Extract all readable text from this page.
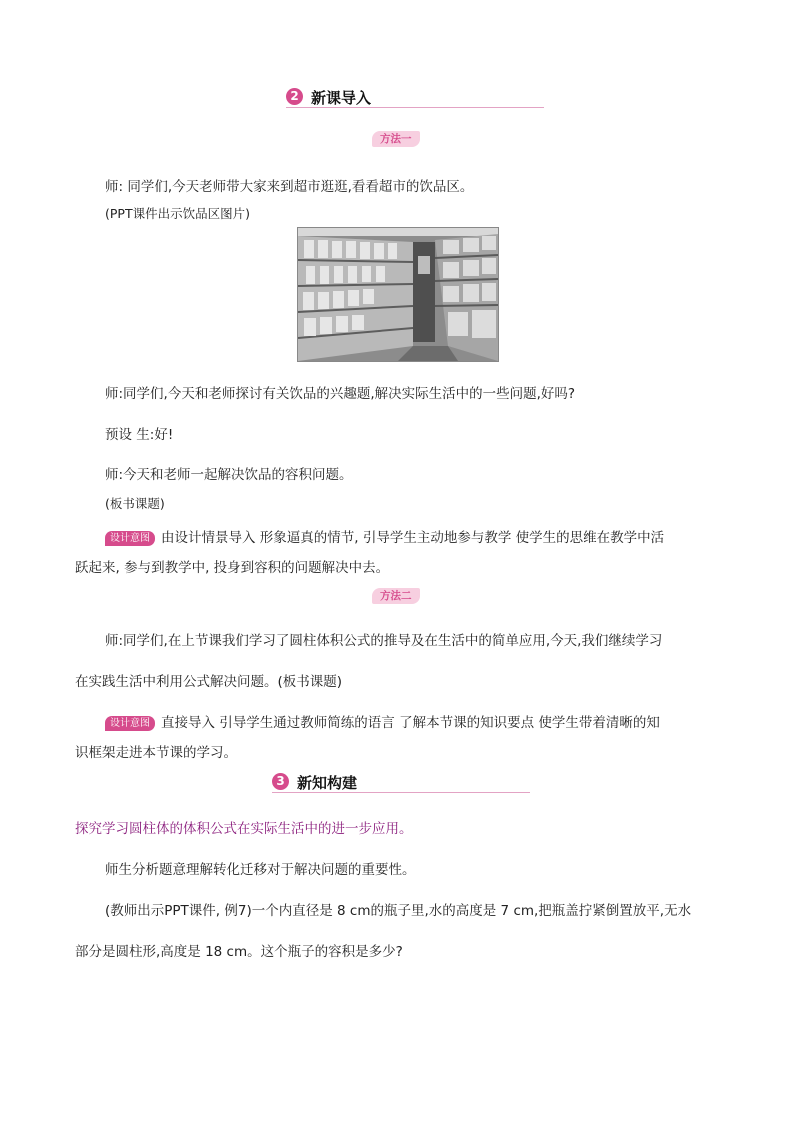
2 新课导入
方法一
师: 同学们,今天老师带大家来到超市逛逛,看看超市的饮品区。
(PPT课件出示饮品区图片)
师:同学们,今天和老师探讨有关饮品的兴趣题,解决实际生活中的一些问题,好吗?
预设 生:好!
师:今天和老师一起解决饮品的容积问题。
(板书课题)
设计意图 由设计情景导入 形象逼真的情节, 引导学生主动地参与教学 使学生的思维在教学中活
跃起来, 参与到教学中, 投身到容积的问题解决中去。
方法二
师:同学们,在上节课我们学习了圆柱体积公式的推导及在生活中的简单应用,今天,我们继续学习
在实践生活中利用公式解决问题。(板书课题)
设计意图 直接导入 引导学生通过教师简练的语言 了解本节课的知识要点 使学生带着清晰的知
识框架走进本节课的学习。
3 新知构建
探究学习圆柱体的体积公式在实际生活中的进一步应用。
师生分析题意理解转化迁移对于解决问题的重要性。
(教师出示PPT课件, 例7)一个内直径是 8 cm的瓶子里,水的高度是 7 cm,把瓶盖拧紧倒置放平,无水
部分是圆柱形,高度是 18 cm。这个瓶子的容积是多少?
